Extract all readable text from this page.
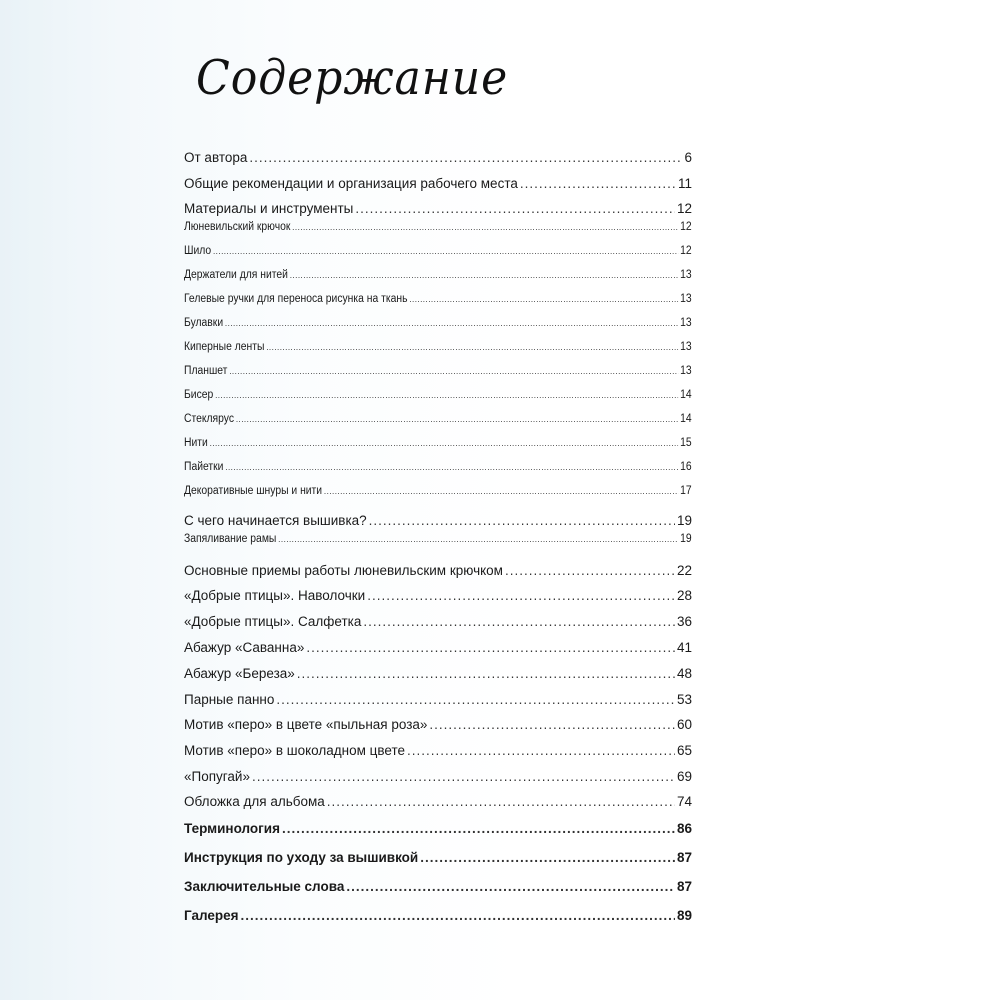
Содержание
От автора .....	6
Общие рекомендации и организация рабочего места .....	11
Материалы и инструменты .....	12
Люневильский крючок .....	12
Шило .....	12
Держатели для нитей .....	13
Гелевые ручки для переноса рисунка на ткань .....	13
Булавки .....	13
Киперные ленты .....	13
Планшет .....	13
Бисер .....	14
Стеклярус .....	14
Нити .....	15
Пайетки .....	16
Декоративные шнуры и нити .....	17
С чего начинается вышивка? .....	19
Запяливание рамы .....	19
Основные приемы работы люневильским крючком .....	22
«Добрые птицы». Наволочки .....	28
«Добрые птицы». Салфетка .....	36
Абажур «Саванна» .....	41
Абажур «Береза» .....	48
Парные панно .....	53
Мотив «перо» в цвете «пыльная роза» .....	60
Мотив «перо» в шоколадном цвете .....	65
«Попугай» .....	69
Обложка для альбома .....	74
Терминология .....	86
Инструкция по уходу за вышивкой .....	87
Заключительные слова .....	87
Галерея .....	89
